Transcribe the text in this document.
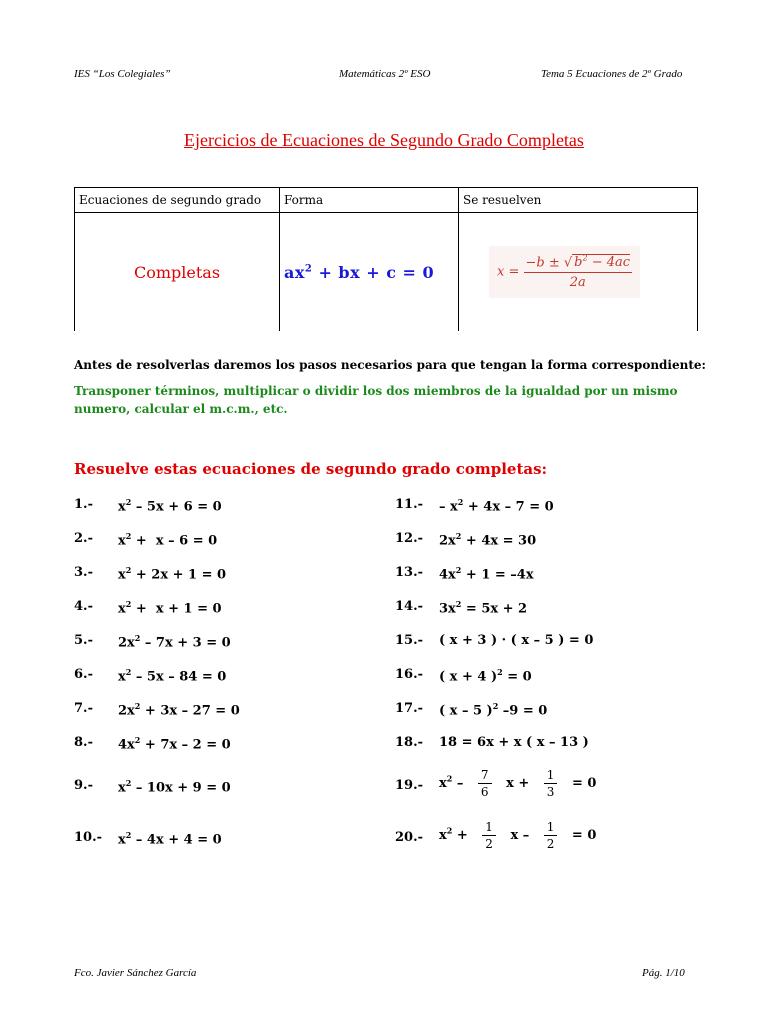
IES “Los Colegiales”	Matemáticas 2º ESO	Tema 5 Ecuaciones de 2º Grado
Ejercicios de Ecuaciones de Segundo Grado Completas
Ecuaciones de segundo grado	Forma	Se resuelven
Completas	$ax^2$ + bx + c = 0	$x = \frac{-b \pm √ b^2 - 4ac}{2a}$
Antes de resolverlas daremos los pasos necesarios para que tengan la forma correspondiente:
Transponer términos, multiplicar o dividir los dos miembros de la igualdad por un mismo numero, calcular el m.c.m., etc.
Resuelve estas ecuaciones de segundo grado completas:
1.- $x^2 - 5x + 6 = 0$
2.- $x^2 + x - 6 = 0$
3.- $x^2 + 2x + 1 = 0$
4.- $x^2 + x + 1 = 0$
5.- $2x^2 - 7x + 3 = 0$
6.- $x^2 - 5x - 84 = 0$
7.- $2x^2 + 3x - 27 = 0$
8.- $4x^2 + 7x - 2 = 0$
9.- $x^2 - 10x + 9 = 0$
10.- $x^2 - 4x + 4 = 0$
$11.- - x^2 + 4x - 7 = 0$
12.- $2x^2 + 4x = 30$
13.- $4x^2 + 1 = -4x$
14.- $3x^2 = 5x + 2$
15.- ( x + 3 ) · ( x – 5 ) = 0
16.- ( x + 4 )$^2$ = 0
17.- ( x – 5 )$^2$ –9 = 0
18.- 18 = 6x + x ( x – 13 )
19.- $x^2 - \frac{7}{6}$ $x + \frac{1}{3} = 0$
20.- $x^2 + \frac{1}{2}$ $x - \frac{1}{2} = 0$
Fco. Javier Sánchez García	Pág. 1/10
